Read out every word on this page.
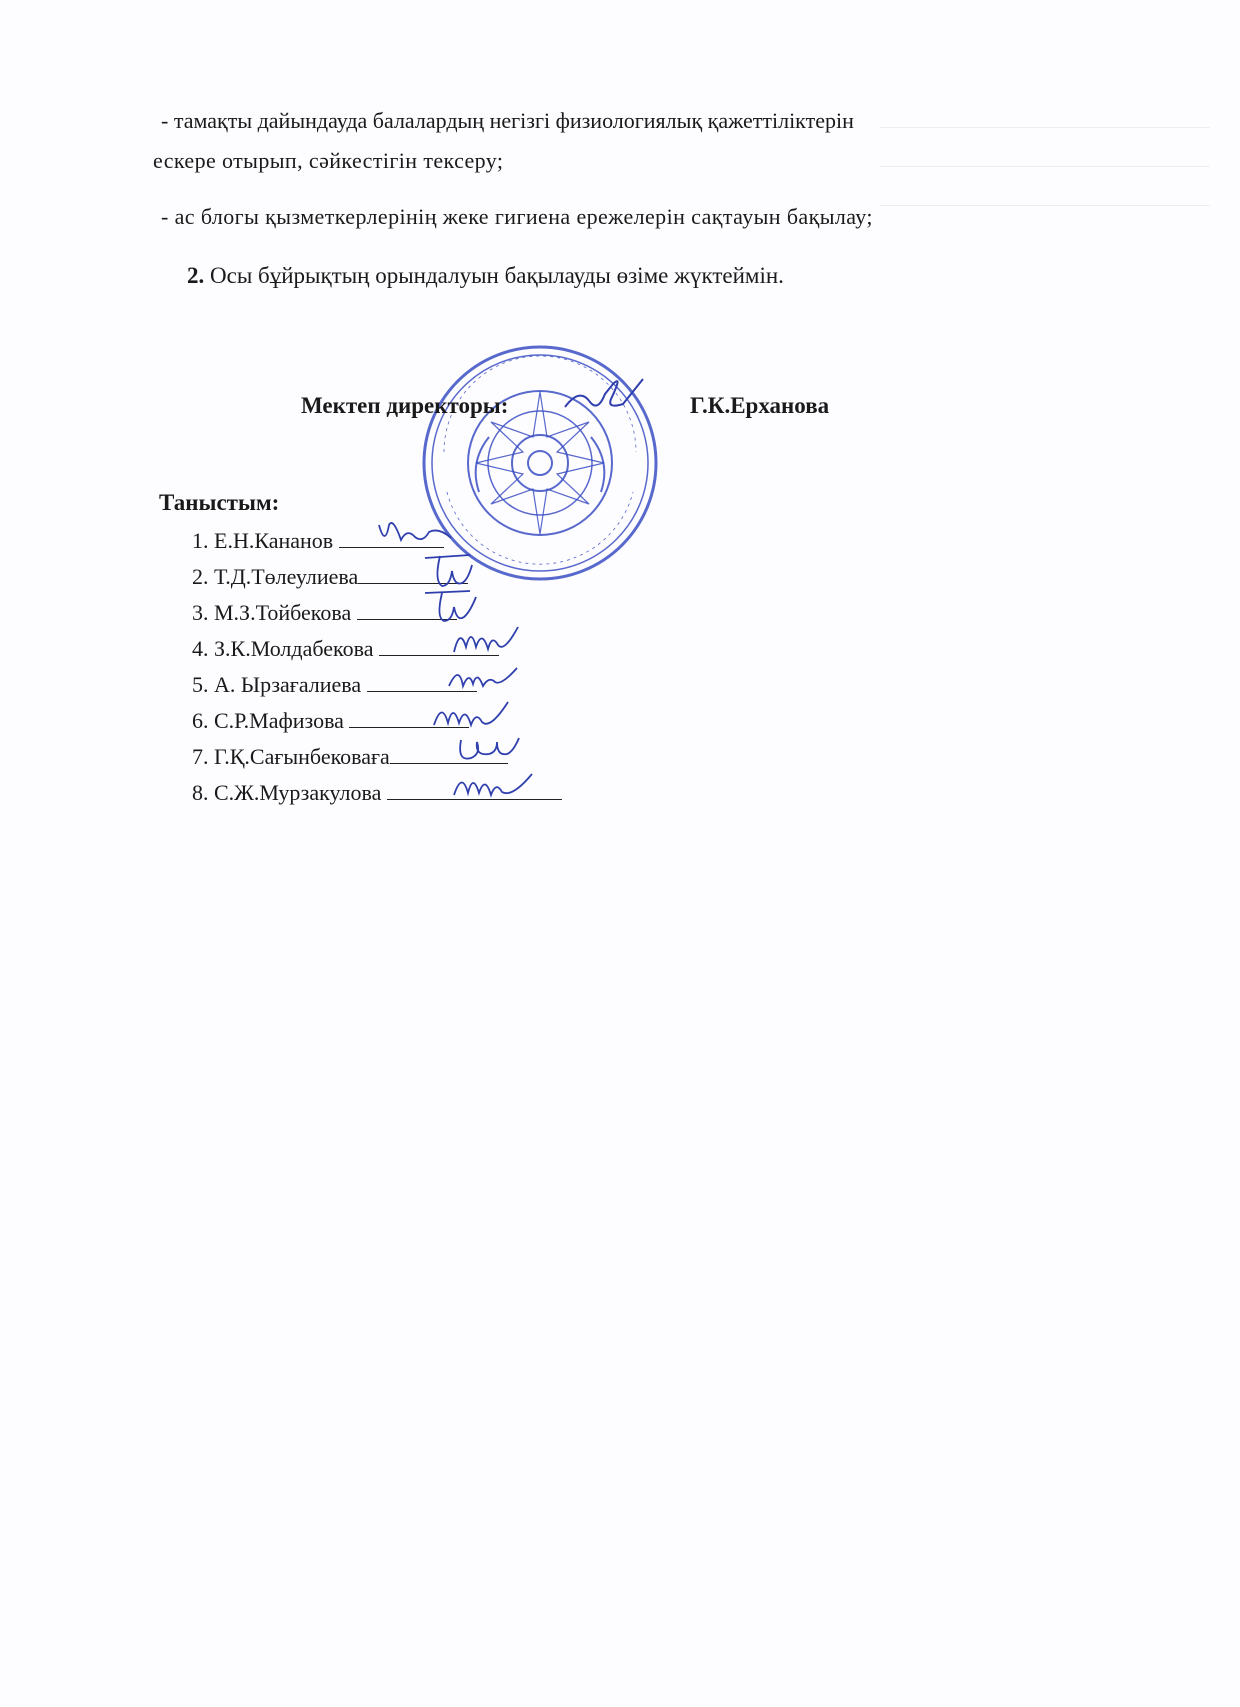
- тамақты дайындауда балалардың негізгі физиологиялық қажеттіліктерін
ескере отырып, сәйкестігін тексеру;
- ас блогы қызметкерлерінің жеке гигиена ережелерін сақтауын бақылау;
2. Осы бұйрықтың орындалуын бақылауды өзіме жүктеймін.
Мектеп директоры:	Г.К.Ерханова
Таныстым:
1. Е.Н.Кананов
2. Т.Д.Төлеулиева
3. М.З.Тойбекова
4. З.К.Молдабекова
5. А. Ырзағалиева
6. С.Р.Мафизова
7. Г.Қ.Сағынбековаға
8. С.Ж.Мурзакулова
